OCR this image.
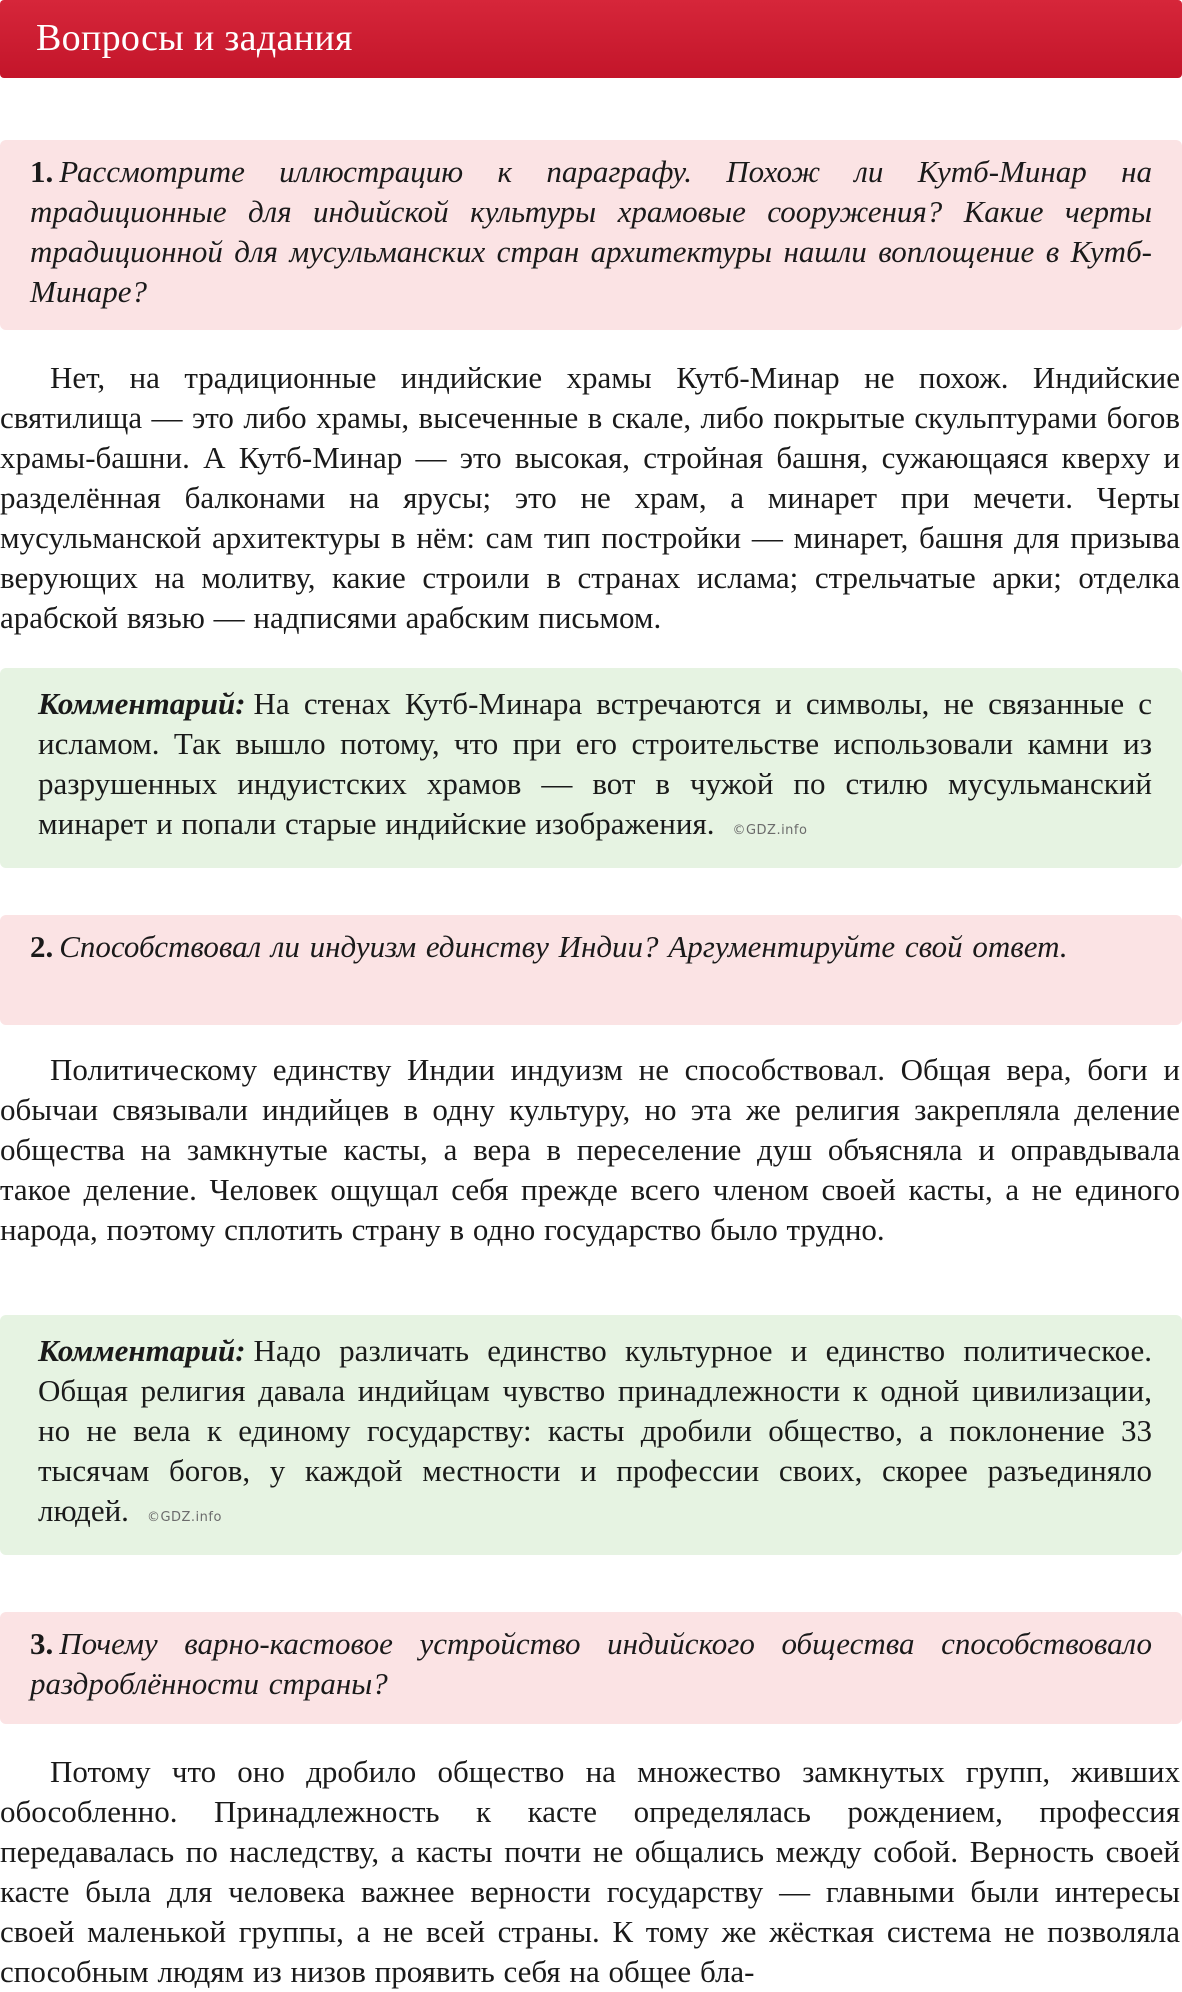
Вопросы и задания

1. Рассмотрите иллюстрацию к параграфу. Похож ли Кутб-Минар на традиционные для индийской культуры храмовые сооружения? Какие черты традиционной для мусульманских стран архитектуры нашли воплощение в Кутб-Минаре?

Нет, на традиционные индийские храмы Кутб-Минар не похож. Индийские святилища — это либо храмы, высеченные в скале, либо покрытые скульптурами богов храмы-башни. А Кутб-Минар — это высокая, стройная башня, сужающаяся кверху и разделённая балконами на ярусы; это не храм, а минарет при мечети. Черты мусульманской архитектуры в нём: сам тип постройки — минарет, башня для призыва верующих на молитву, какие строили в странах ислама; стрельчатые арки; отделка арабской вязью — надписями арабским письмом.

Комментарий: На стенах Кутб-Минара встречаются и символы, не связанные с исламом. Так вышло потому, что при его строительстве использовали камни из разрушенных индуистских храмов — вот в чужой по стилю мусульманский минарет и попали старые индийские изображения. ©GDZ.info

2. Способствовал ли индуизм единству Индии? Аргументируйте свой ответ.

Политическому единству Индии индуизм не способствовал. Общая вера, боги и обычаи связывали индийцев в одну культуру, но эта же религия закрепляла деление общества на замкнутые касты, а вера в переселение душ объясняла и оправдывала такое деление. Человек ощущал себя прежде всего членом своей касты, а не единого народа, поэтому сплотить страну в одно государство было трудно.

Комментарий: Надо различать единство культурное и единство политическое. Общая религия давала индийцам чувство принадлежности к одной цивилизации, но не вела к единому государству: касты дробили общество, а поклонение 33 тысячам богов, у каждой местности и профессии своих, скорее разъединяло людей. ©GDZ.info

3. Почему варно-кастовое устройство индийского общества способствовало раздроблённости страны?

Потому что оно дробило общество на множество замкнутых групп, живших обособленно. Принадлежность к касте определялась рождением, профессия передавалась по наследству, а касты почти не общались между собой. Верность своей касте была для человека важнее верности государству — главными были интересы своей маленькой группы, а не всей страны. К тому же жёсткая система не позволяла способным людям из низов проявить себя на общее бла-
